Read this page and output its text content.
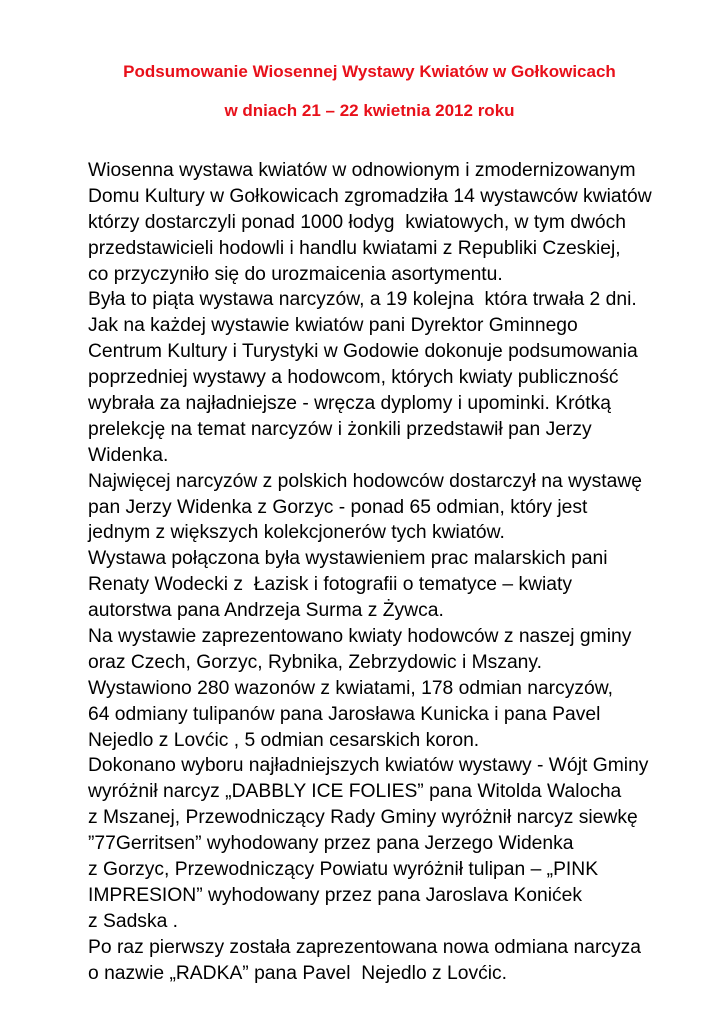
Podsumowanie Wiosennej Wystawy Kwiatów w Gołkowicach
w dniach 21 – 22 kwietnia 2012 roku
Wiosenna wystawa kwiatów w odnowionym i zmodernizowanym
Domu Kultury w Gołkowicach zgromadziła 14 wystawców kwiatów
którzy dostarczyli ponad 1000 łodyg  kwiatowych, w tym dwóch
przedstawicieli hodowli i handlu kwiatami z Republiki Czeskiej,
co przyczyniło się do urozmaicenia asortymentu.
Była to piąta wystawa narcyzów, a 19 kolejna  która trwała 2 dni.
Jak na każdej wystawie kwiatów pani Dyrektor Gminnego
Centrum Kultury i Turystyki w Godowie dokonuje podsumowania
poprzedniej wystawy a hodowcom, których kwiaty publiczność
wybrała za najładniejsze - wręcza dyplomy i upominki. Krótką
prelekcję na temat narcyzów i żonkili przedstawił pan Jerzy
Widenka.
Najwięcej narcyzów z polskich hodowców dostarczył na wystawę
pan Jerzy Widenka z Gorzyc - ponad 65 odmian, który jest
jednym z większych kolekcjonerów tych kwiatów.
Wystawa połączona była wystawieniem prac malarskich pani
Renaty Wodecki z  Łazisk i fotografii o tematyce – kwiaty
autorstwa pana Andrzeja Surma z Żywca.
Na wystawie zaprezentowano kwiaty hodowców z naszej gminy
oraz Czech, Gorzyc, Rybnika, Zebrzydowic i Mszany.
Wystawiono 280 wazonów z kwiatami, 178 odmian narcyzów,
64 odmiany tulipanów pana Jarosława Kunicka i pana Pavel
Nejedlo z Lovćic , 5 odmian cesarskich koron.
Dokonano wyboru najładniejszych kwiatów wystawy - Wójt Gminy
wyróżnił narcyz „DABBLY ICE FOLIES” pana Witolda Walocha
z Mszanej, Przewodniczący Rady Gminy wyróżnił narcyz siewkę
”77Gerritsen” wyhodowany przez pana Jerzego Widenka
z Gorzyc, Przewodniczący Powiatu wyróżnił tulipan – „PINK
IMPRESION” wyhodowany przez pana Jaroslava Konićek
z Sadska .
Po raz pierwszy została zaprezentowana nowa odmiana narcyza
o nazwie „RADKA” pana Pavel  Nejedlo z Lovćic.
